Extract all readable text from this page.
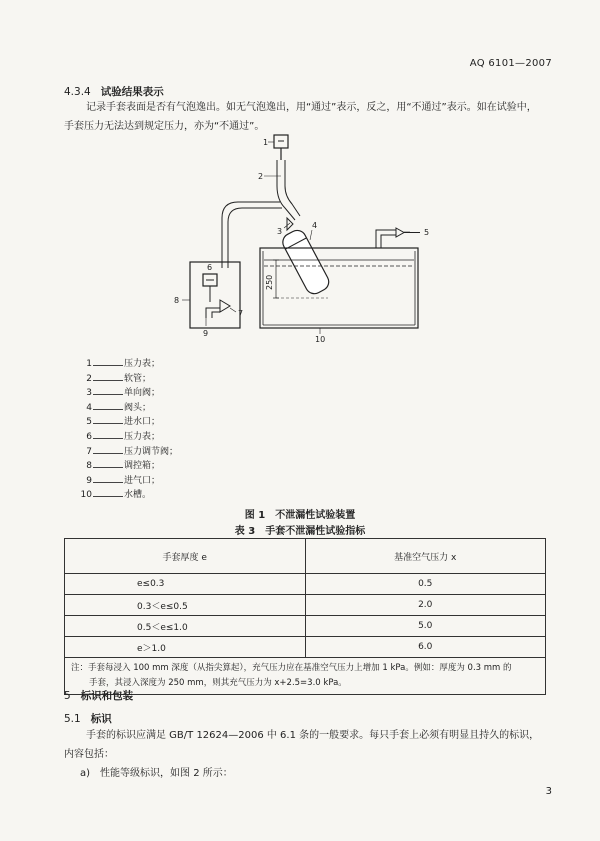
AQ 6101—2007
4.3.4 试验结果表示
记录手套表面是否有气泡逸出。如无气泡逸出，用“通过”表示，反之，用“不通过”表示。如在试验中，手套压力无法达到规定压力，亦为“不通过”。
250
1
2
3
4
5
6
7
8
9
10
1	压力表；
2	软管；
3	单向阀；
4	阀头；
5	进水口；
6	压力表；
7	压力调节阀；
8	调控箱；
9	进气口；
10	水槽。
图 1　不泄漏性试验装置
表 3　手套不泄漏性试验指标
手套厚度 e	基准空气压力 x
e≤0.3	0.5
0.3＜e≤0.5	2.0
0.5＜e≤1.0	5.0
e＞1.0	6.0

注：手套每浸入 100 mm 深度（从指尖算起），充气压力应在基准空气压力上增加 1 kPa。例如：厚度为 0.3 mm 的
手套，其浸入深度为 250 mm，则其充气压力为 x+2.5=3.0 kPa。	
5 标识和包装
5.1 标识
手套的标识应满足 GB/T 12624—2006 中 6.1 条的一般要求。每只手套上必须有明显且持久的标识，内容包括：
a)　性能等级标识，如图 2 所示：
3
